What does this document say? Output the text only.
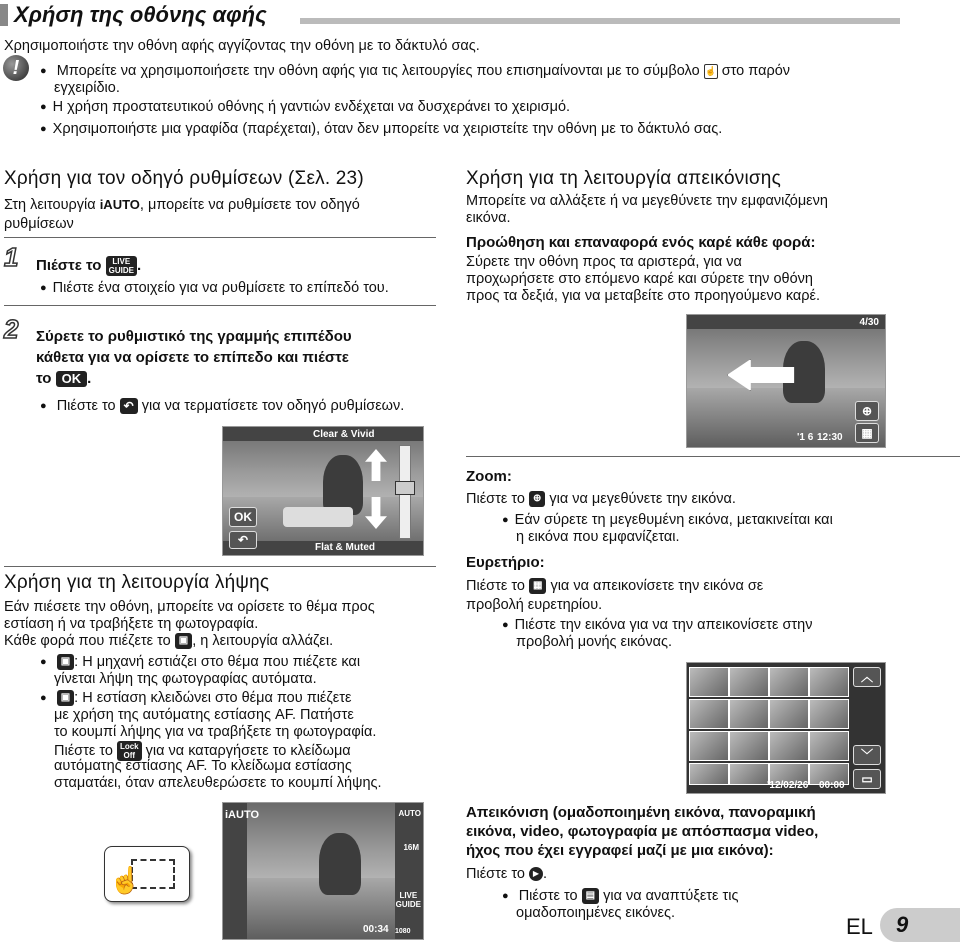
Χρήση της οθόνης αφής
Χρησιμοποιήστε την οθόνη αφής αγγίζοντας την οθόνη με το δάκτυλό σας.
!
●	Μπορείτε να χρησιμοποιήσετε την οθόνη αφής για τις λειτουργίες που επισημαίνονται με το σύμβολο ☝ στο παρόν
εγχειρίδιο.
● Η χρήση προστατευτικού οθόνης ή γαντιών ενδέχεται να δυσχεράνει το χειρισμό.
● Χρησιμοποιήστε μια γραφίδα (παρέχεται), όταν δεν μπορείτε να χειριστείτε την οθόνη με το δάκτυλό σας.
Χρήση για τον οδηγό ρυθμίσεων (Σελ. 23)
Στη λειτουργία iAUTO, μπορείτε να ρυθμίσετε τον οδηγό
ρυθμίσεων
1 Πιέστε το LIVE
GUIDE .
● Πιέστε ένα στοιχείο για να ρυθμίσετε το επίπεδό του.
2 Σύρετε το ρυθμιστικό της γραμμής επιπέδου
κάθετα για να ορίσετε το επίπεδο και πιέστε
το OK .
● Πιέστε το ↶ για να τερματίσετε τον οδηγό ρυθμίσεων.
Clear & Vivid
Flat & Muted
OK
↶
Χρήση για τη λειτουργία λήψης
Εάν πιέσετε την οθόνη, μπορείτε να ορίσετε το θέμα προς
εστίαση ή να τραβήξετε τη φωτογραφία.
Κάθε φορά που πιέζετε το ▣ , η λειτουργία αλλάζει.
● ▣ : Η μηχανή εστιάζει στο θέμα που πιέζετε και
γίνεται λήψη της φωτογραφίας αυτόματα.
● ▣ : Η εστίαση κλειδώνει στο θέμα που πιέζετε
με χρήση της αυτόματης εστίασης AF. Πατήστε
το κουμπί λήψης για να τραβήξετε τη φωτογραφία.
Πιέστε το Lock
Off για να καταργήσετε το κλείδωμα
αυτόματης εστίασης AF. Το κλείδωμα εστίασης
σταματάει, όταν απελευθερώσετε το κουμπί λήψης.
iAUTO	AUTO
16M
LIVE
GUIDE
00:34 1080
☝
Χρήση για τη λειτουργία απεικόνισης
Μπορείτε να αλλάξετε ή να μεγεθύνετε την εμφανιζόμενη
εικόνα.
Προώθηση και επαναφορά ενός καρέ κάθε φορά:
Σύρετε την οθόνη προς τα αριστερά, για να
προχωρήσετε στο επόμενο καρέ και σύρετε την οθόνη
προς τα δεξιά, για να μεταβείτε στο προηγούμενο καρέ.
4/30
⊕
▦
'1 6 12:30
Zoom:
Πιέστε το ⊕ για να μεγεθύνετε την εικόνα.
● Εάν σύρετε τη μεγεθυμένη εικόνα, μετακινείται και
η εικόνα που εμφανίζεται.
Ευρετήριο:
Πιέστε το ▦ για να απεικονίσετε την εικόνα σε
προβολή ευρετηρίου.
● Πιέστε την εικόνα για να την απεικονίσετε στην
προβολή μονής εικόνας.
︿
﹀
▭
'12/02/26 00:00
Απεικόνιση (ομαδοποιημένη εικόνα, πανοραμική
εικόνα, video, φωτογραφία με απόσπασμα video,
ήχος που έχει εγγραφεί μαζί με μια εικόνα):
Πιέστε το ▶ .
● Πιέστε το ▤ για να αναπτύξετε τις
ομαδοποιημένες εικόνες.
EL 9
